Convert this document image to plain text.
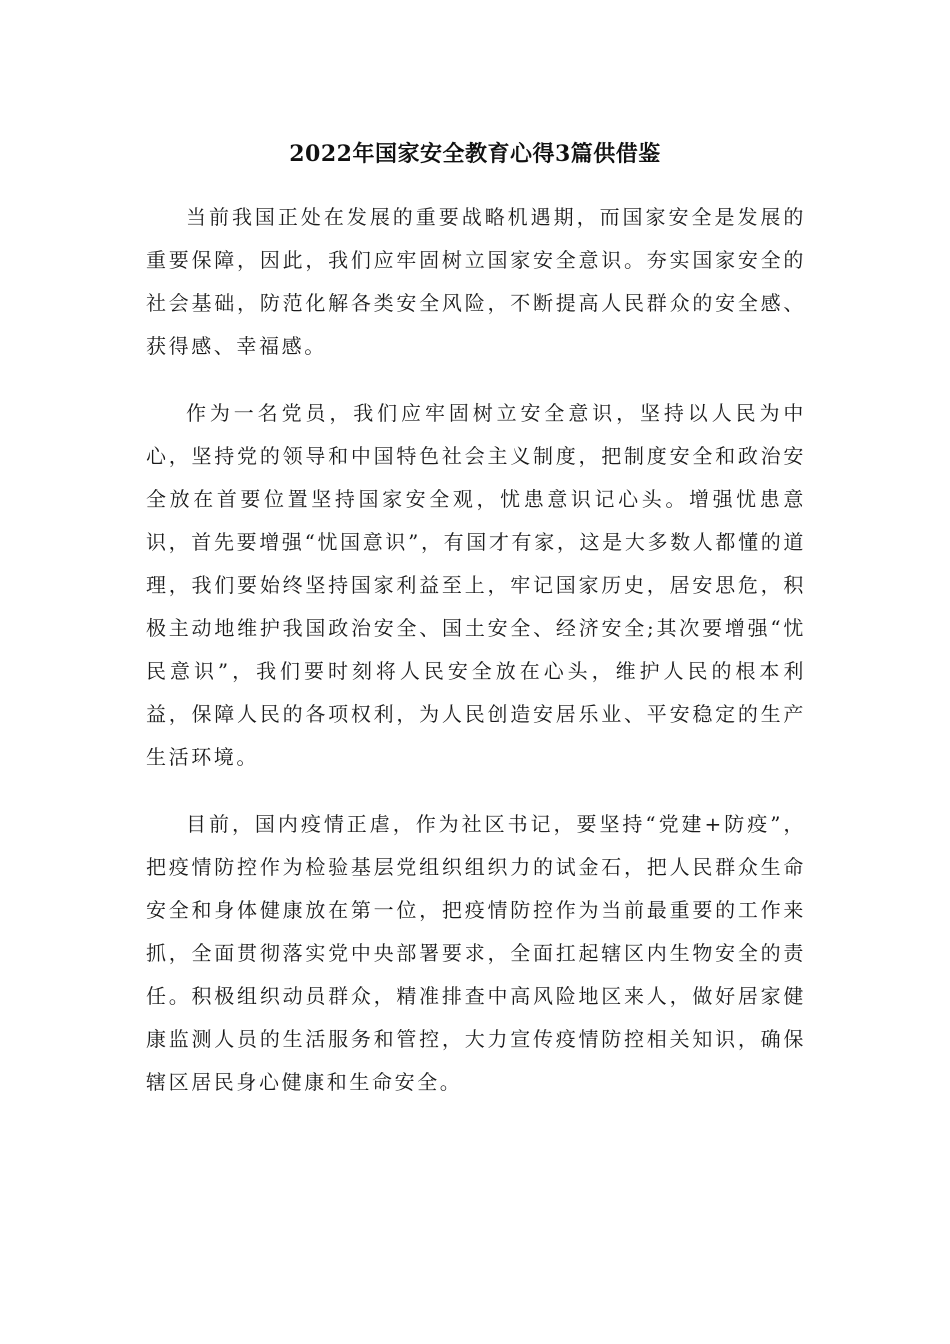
2022年国家安全教育心得3篇供借鉴

当前我国正处在发展的重要战略机遇期，而国家安全是发展的重要保障，因此，我们应牢固树立国家安全意识。夯实国家安全的社会基础，防范化解各类安全风险，不断提高人民群众的安全感、获得感、幸福感。

作为一名党员，我们应牢固树立安全意识，坚持以人民为中心，坚持党的领导和中国特色社会主义制度，把制度安全和政治安全放在首要位置坚持国家安全观，忧患意识记心头。增强忧患意识，首先要增强“忧国意识”，有国才有家，这是大多数人都懂的道理，我们要始终坚持国家利益至上，牢记国家历史，居安思危，积极主动地维护我国政治安全、国土安全、经济安全;其次要增强“忧民意识”，我们要时刻将人民安全放在心头，维护人民的根本利益，保障人民的各项权利，为人民创造安居乐业、平安稳定的生产生活环境。

目前，国内疫情正虐，作为社区书记，要坚持“党建+防疫”，把疫情防控作为检验基层党组织组织力的试金石，把人民群众生命安全和身体健康放在第一位，把疫情防控作为当前最重要的工作来抓，全面贯彻落实党中央部署要求，全面扛起辖区内生物安全的责任。积极组织动员群众，精准排查中高风险地区来人，做好居家健康监测人员的生活服务和管控，大力宣传疫情防控相关知识，确保辖区居民身心健康和生命安全。
